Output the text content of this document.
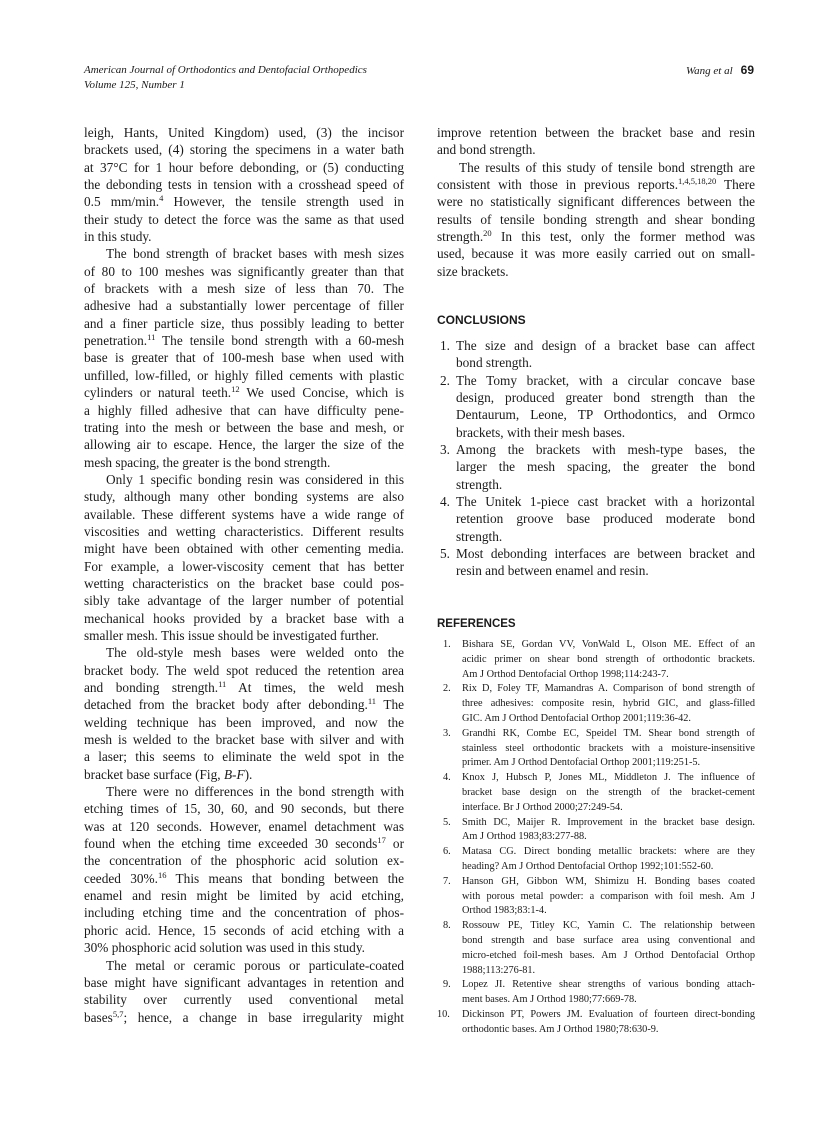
American Journal of Orthodontics and Dentofacial Orthopedics
Volume 125, Number 1
Wang et al 69
leigh, Hants, United Kingdom) used, (3) the incisor
brackets used, (4) storing the specimens in a water bath
at 37°C for 1 hour before debonding, or (5) conducting
the debonding tests in tension with a crosshead speed of
0.5 mm/min.$^4$ However, the tensile strength used in
their study to detect the force was the same as that used
in this study.
The bond strength of bracket bases with mesh sizes
of 80 to 100 meshes was significantly greater than that
of brackets with a mesh size of less than 70. The
adhesive had a substantially lower percentage of filler
and a finer particle size, thus possibly leading to better
penetration.$^{11}$ The tensile bond strength with a 60-mesh
base is greater that of 100-mesh base when used with
unfilled, low-filled, or highly filled cements with plastic
cylinders or natural teeth.$^{12}$ We used Concise, which is
a highly filled adhesive that can have difficulty pene-
trating into the mesh or between the base and mesh, or
allowing air to escape. Hence, the larger the size of the
mesh spacing, the greater is the bond strength.
Only 1 specific bonding resin was considered in this
study, although many other bonding systems are also
available. These different systems have a wide range of
viscosities and wetting characteristics. Different results
might have been obtained with other cementing media.
For example, a lower-viscosity cement that has better
wetting characteristics on the bracket base could pos-
sibly take advantage of the larger number of potential
mechanical hooks provided by a bracket base with a
smaller mesh. This issue should be investigated further.
The old-style mesh bases were welded onto the
bracket body. The weld spot reduced the retention area
and bonding strength.$^{11}$ At times, the weld mesh
detached from the bracket body after debonding.$^{11}$ The
welding technique has been improved, and now the
mesh is welded to the bracket base with silver and with
a laser; this seems to eliminate the weld spot in the
bracket base surface (Fig, B-F).
There were no differences in the bond strength with
etching times of 15, 30, 60, and 90 seconds, but there
was at 120 seconds. However, enamel detachment was
found when the etching time exceeded 30 seconds$^{17}$ or
the concentration of the phosphoric acid solution ex-
ceeded 30%.$^{16}$ This means that bonding between the
enamel and resin might be limited by acid etching,
including etching time and the concentration of phos-
phoric acid. Hence, 15 seconds of acid etching with a
30% phosphoric acid solution was used in this study.
The metal or ceramic porous or particulate-coated
base might have significant advantages in retention and
stability over currently used conventional metal
bases$^{5,7}$; hence, a change in base irregularity might
improve retention between the bracket base and resin
and bond strength.
The results of this study of tensile bond strength are
consistent with those in previous reports.$^{1,4,5,18,20}$ There
were no statistically significant differences between the
results of tensile bonding strength and shear bonding
strength.$^{20}$ In this test, only the former method was
used, because it was more easily carried out on small-
size brackets.
CONCLUSIONS
1. The size and design of a bracket base can affect
bond strength.
2. The Tomy bracket, with a circular concave base
design, produced greater bond strength than the
Dentaurum, Leone, TP Orthodontics, and Ormco
brackets, with their mesh bases.
3. Among the brackets with mesh-type bases, the
larger the mesh spacing, the greater the bond
strength.
4. The Unitek 1-piece cast bracket with a horizontal
retention groove base produced moderate bond
strength.
5. Most debonding interfaces are between bracket and
resin and between enamel and resin.
REFERENCES
1. Bishara SE, Gordan VV, VonWald L, Olson ME. Effect of an
acidic primer on shear bond strength of orthodontic brackets.
Am J Orthod Dentofacial Orthop 1998;114:243-7.
2. Rix D, Foley TF, Mamandras A. Comparison of bond strength of
three adhesives: composite resin, hybrid GIC, and glass-filled
GIC. Am J Orthod Dentofacial Orthop 2001;119:36-42.
3. Grandhi RK, Combe EC, Speidel TM. Shear bond strength of
stainless steel orthodontic brackets with a moisture-insensitive
primer. Am J Orthod Dentofacial Orthop 2001;119:251-5.
4. Knox J, Hubsch P, Jones ML, Middleton J. The influence of
bracket base design on the strength of the bracket-cement
interface. Br J Orthod 2000;27:249-54.
5. Smith DC, Maijer R. Improvement in the bracket base design.
Am J Orthod 1983;83:277-88.
6. Matasa CG. Direct bonding metallic brackets: where are they
heading? Am J Orthod Dentofacial Orthop 1992;101:552-60.
7. Hanson GH, Gibbon WM, Shimizu H. Bonding bases coated
with porous metal powder: a comparison with foil mesh. Am J
Orthod 1983;83:1-4.
8. Rossouw PE, Titley KC, Yamin C. The relationship between
bond strength and base surface area using conventional and
micro-etched foil-mesh bases. Am J Orthod Dentofacial Orthop
1988;113:276-81.
9. Lopez JI. Retentive shear strengths of various bonding attach-
ment bases. Am J Orthod 1980;77:669-78.
10. Dickinson PT, Powers JM. Evaluation of fourteen direct-bonding
orthodontic bases. Am J Orthod 1980;78:630-9.
